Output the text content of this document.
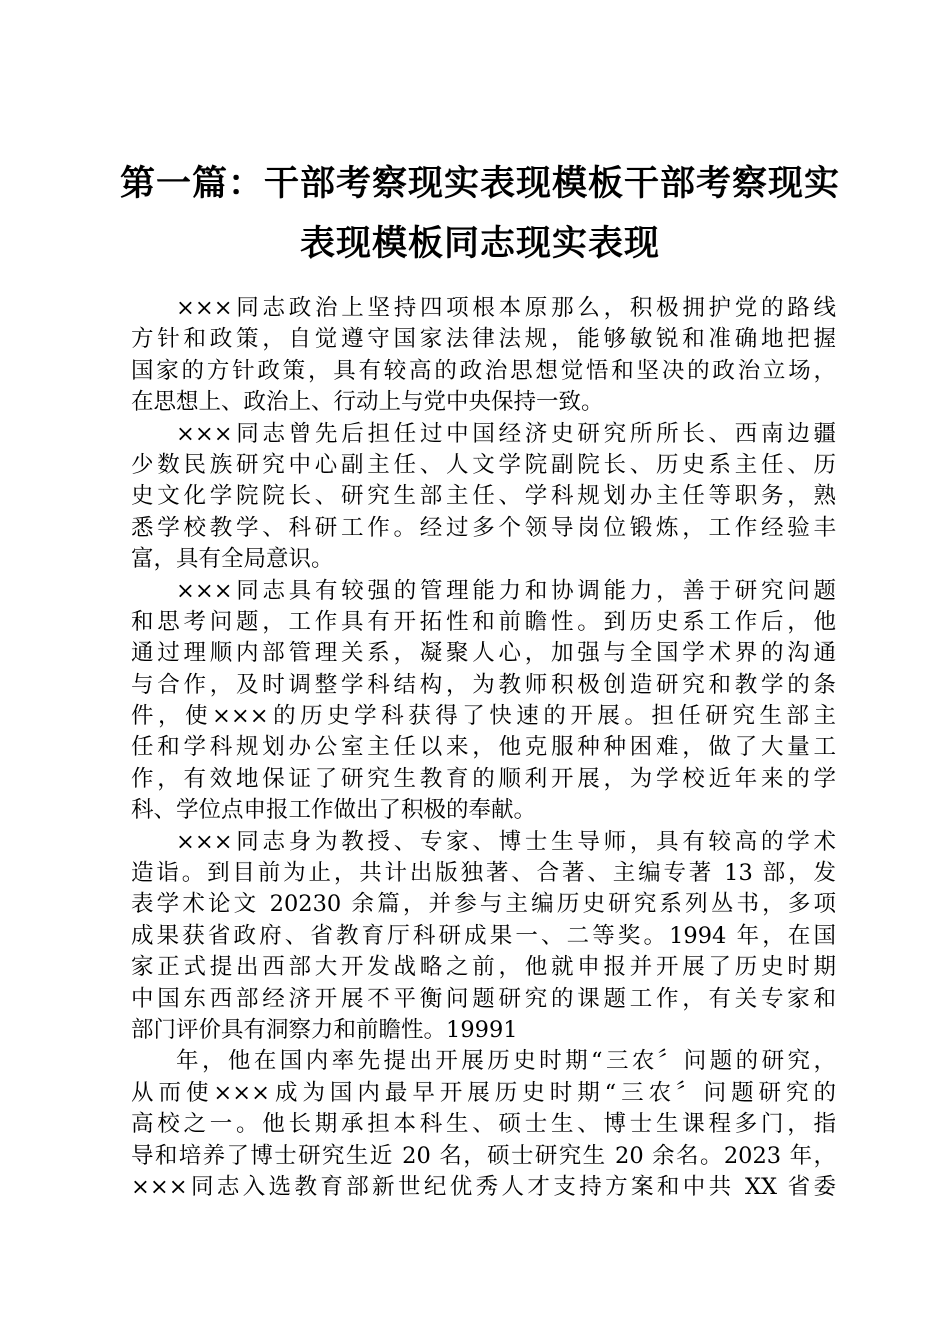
第一篇：干部考察现实表现模板干部考察现实
表现模板同志现实表现
×××同志政治上坚持四项根本原那么，积极拥护党的路线
方针和政策，自觉遵守国家法律法规，能够敏锐和准确地把握
国家的方针政策，具有较高的政治思想觉悟和坚决的政治立场，
在思想上、政治上、行动上与党中央保持一致。
×××同志曾先后担任过中国经济史研究所所长、西南边疆
少数民族研究中心副主任、人文学院副院长、历史系主任、历
史文化学院院长、研究生部主任、学科规划办主任等职务，熟
悉学校教学、科研工作。经过多个领导岗位锻炼，工作经验丰
富，具有全局意识。
×××同志具有较强的管理能力和协调能力，善于研究问题
和思考问题，工作具有开拓性和前瞻性。到历史系工作后，他
通过理顺内部管理关系，凝聚人心，加强与全国学术界的沟通
与合作，及时调整学科结构，为教师积极创造研究和教学的条
件，使×××的历史学科获得了快速的开展。担任研究生部主
任和学科规划办公室主任以来，他克服种种困难，做了大量工
作，有效地保证了研究生教育的顺利开展，为学校近年来的学
科、学位点申报工作做出了积极的奉献。
×××同志身为教授、专家、博士生导师，具有较高的学术
造诣。到目前为止，共计出版独著、合著、主编专著 13 部，发
表学术论文 20230 余篇，并参与主编历史研究系列丛书，多项
成果获省政府、省教育厅科研成果一、二等奖。1994 年，在国
家正式提出西部大开发战略之前，他就申报并开展了历史时期
中国东西部经济开展不平衡问题研究的课题工作，有关专家和
部门评价具有洞察力和前瞻性。19991
年，他在国内率先提出开展历史时期“三农〞问题的研究，
从而使×××成为国内最早开展历史时期“三农〞问题研究的
高校之一。他长期承担本科生、硕士生、博士生课程多门，指
导和培养了博士研究生近 20 名，硕士研究生 20 余名。2023 年，
×××同志入选教育部新世纪优秀人才支持方案和中共 XX 省委
